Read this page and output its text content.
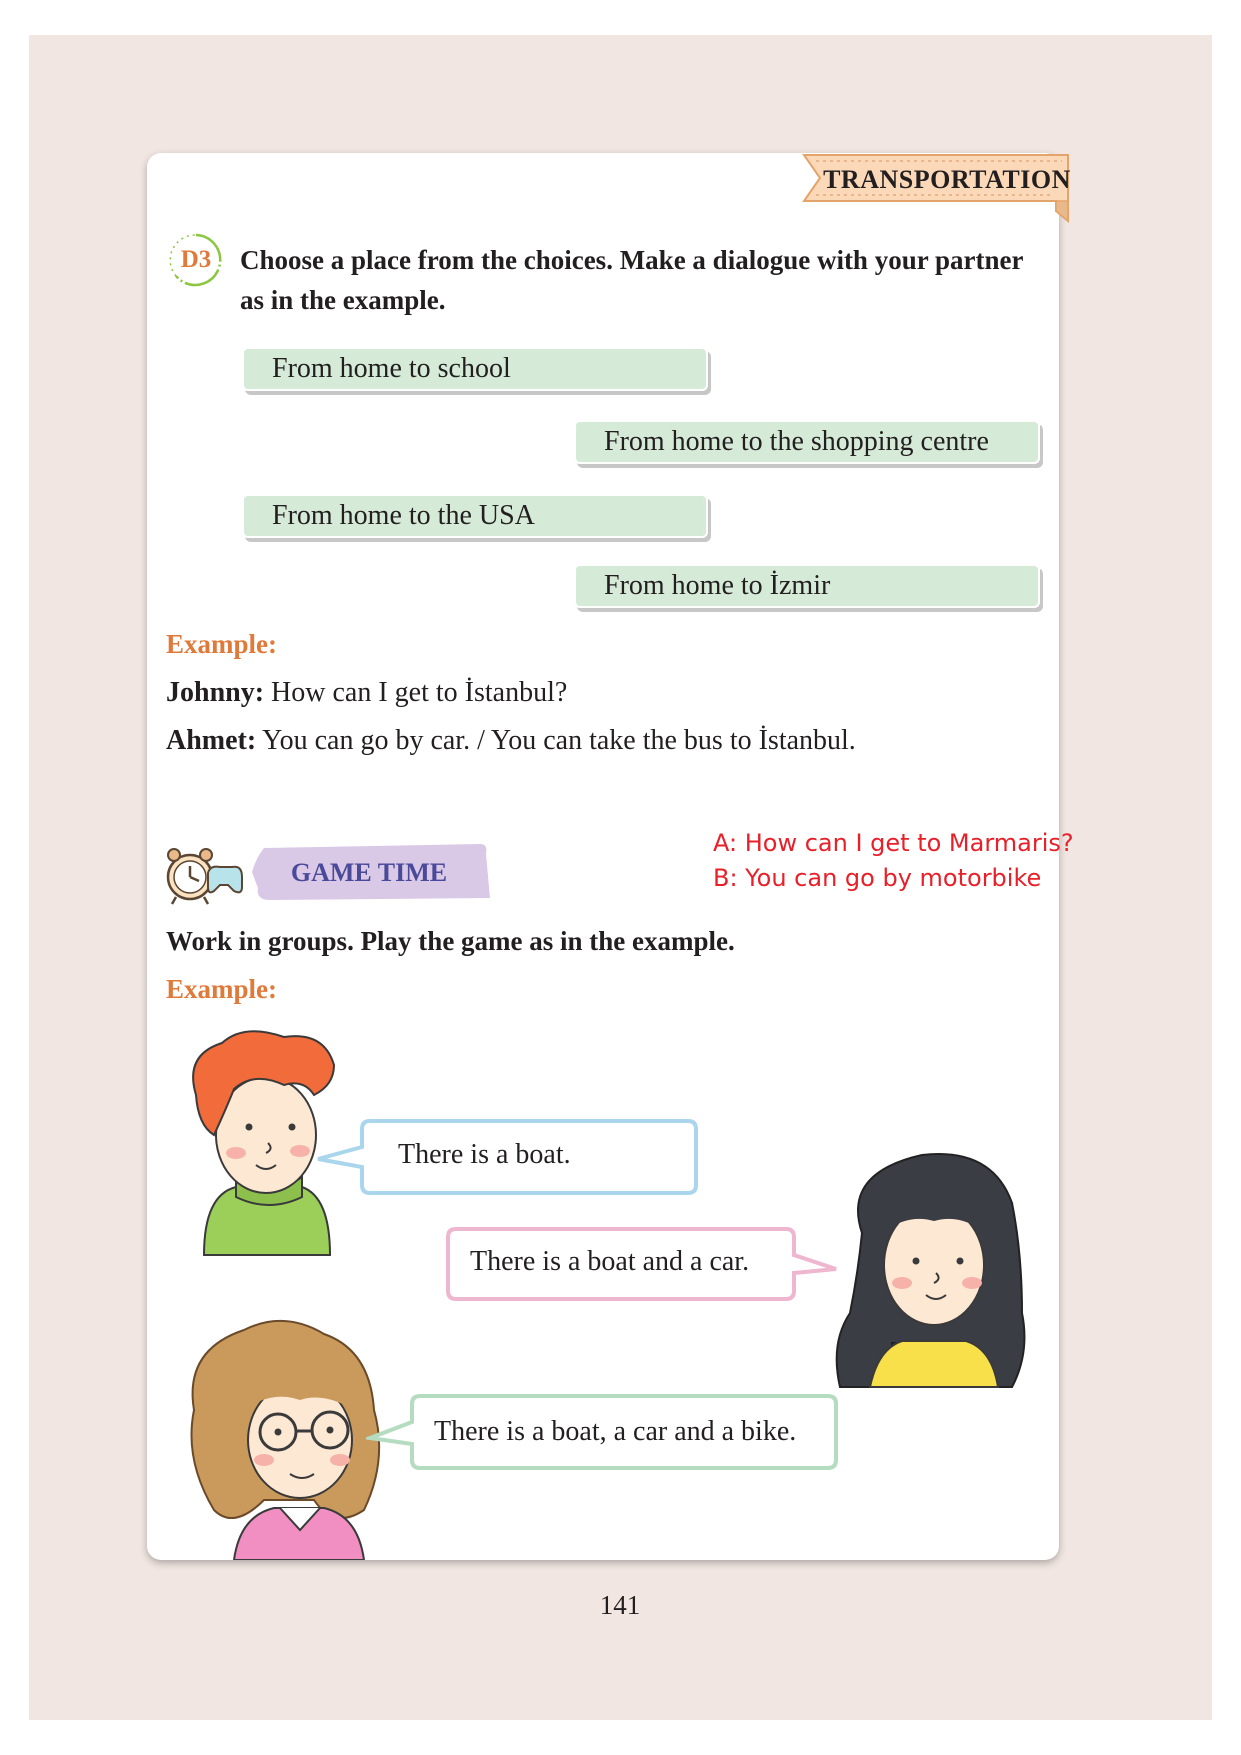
TRANSPORTATION
D3	Choose a place from the choices. Make a dialogue with your partner
as in the example.
From home to school
From home to the shopping centre
From home to the USA
From home to İzmir
Example:
Johnny: How can I get to İstanbul?
Ahmet: You can go by car. / You can take the bus to İstanbul.
A: How can I get to Marmaris?
B: You can go by motorbike
GAME TIME
Work in groups. Play the game as in the example.
Example:
There is a boat.
There is a boat and a car.
There is a boat, a car and a bike.
141
